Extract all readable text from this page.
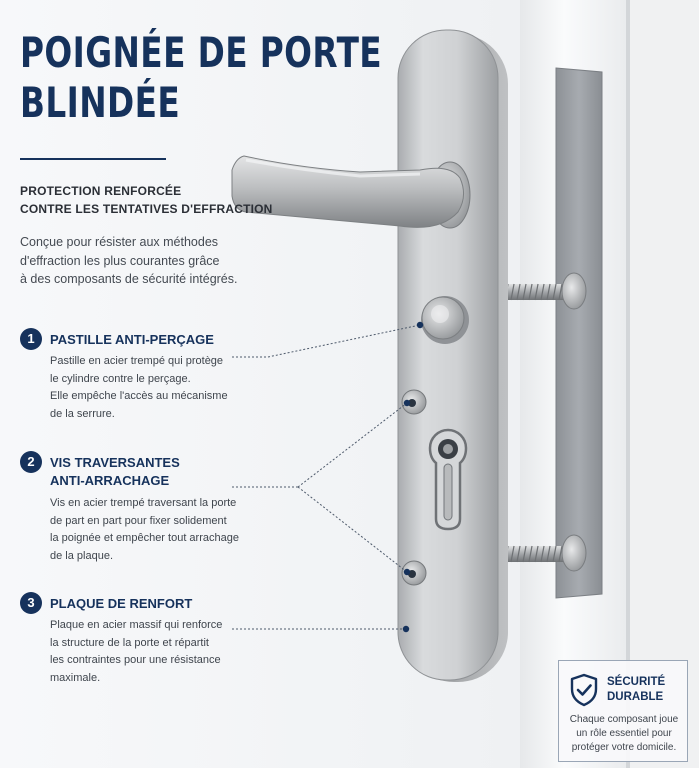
POIGNÉE DE PORTE
BLINDÉE
PROTECTION RENFORCÉE
CONTRE LES TENTATIVES D'EFFRACTION
Conçue pour résister aux méthodes
d'effraction les plus courantes grâce
à des composants de sécurité intégrés.
1	PASTILLE ANTI-PERÇAGE
Pastille en acier trempé qui protège
le cylindre contre le perçage.
Elle empêche l'accès au mécanisme
de la serrure.
2	VIS TRAVERSANTES
ANTI-ARRACHAGE
Vis en acier trempé traversant la porte
de part en part pour fixer solidement
la poignée et empêcher tout arrachage
de la plaque.
3	PLAQUE DE RENFORT
Plaque en acier massif qui renforce
la structure de la porte et répartit
les contraintes pour une résistance
maximale.	SÉCURITÉ
DURABLE
Chaque composant joue
un rôle essentiel pour
protéger votre domicile.
